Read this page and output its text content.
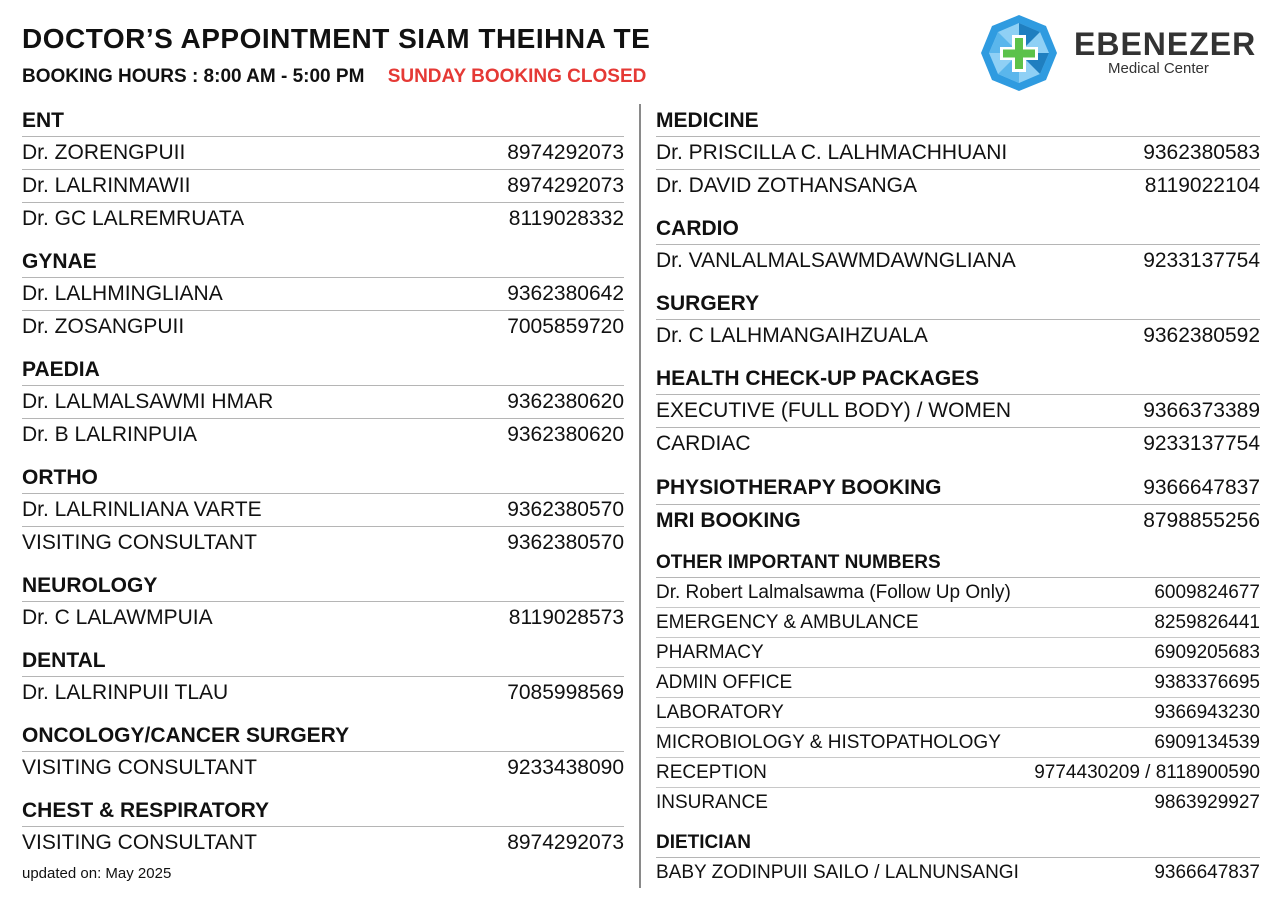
DOCTOR’S APPOINTMENT SIAM THEIHNA TE
BOOKING HOURS : 8:00 AM - 5:00 PM SUNDAY BOOKING CLOSED
EBENEZER
Medical Center
ENT
Dr. ZORENGPUII	8974292073
Dr. LALRINMAWII	8974292073
Dr. GC LALREMRUATA	8119028332
GYNAE
Dr. LALHMINGLIANA	9362380642
Dr. ZOSANGPUII	7005859720
PAEDIA
Dr. LALMALSAWMI HMAR	9362380620
Dr. B LALRINPUIA	9362380620
ORTHO
Dr. LALRINLIANA VARTE	9362380570
VISITING CONSULTANT	9362380570
NEUROLOGY
Dr. C LALAWMPUIA	8119028573
DENTAL
Dr. LALRINPUII TLAU	7085998569
ONCOLOGY/CANCER SURGERY
VISITING CONSULTANT	9233438090
CHEST & RESPIRATORY
VISITING CONSULTANT	8974292073
updated on: May 2025
MEDICINE
Dr. PRISCILLA C. LALHMACHHUANI	9362380583
Dr. DAVID ZOTHANSANGA	8119022104
CARDIO
Dr. VANLALMALSAWMDAWNGLIANA	9233137754
SURGERY
Dr. C LALHMANGAIHZUALA	9362380592
HEALTH CHECK-UP PACKAGES
EXECUTIVE (FULL BODY) / WOMEN	9366373389
CARDIAC	9233137754
PHYSIOTHERAPY BOOKING	9366647837
MRI BOOKING	8798855256
OTHER IMPORTANT NUMBERS
Dr. Robert Lalmalsawma (Follow Up Only)	6009824677
EMERGENCY & AMBULANCE	8259826441
PHARMACY	6909205683
ADMIN OFFICE	9383376695
LABORATORY	9366943230
MICROBIOLOGY & HISTOPATHOLOGY	6909134539
RECEPTION	9774430209 / 8118900590
INSURANCE	9863929927
DIETICIAN
BABY ZODINPUII SAILO / LALNUNSANGI	9366647837
